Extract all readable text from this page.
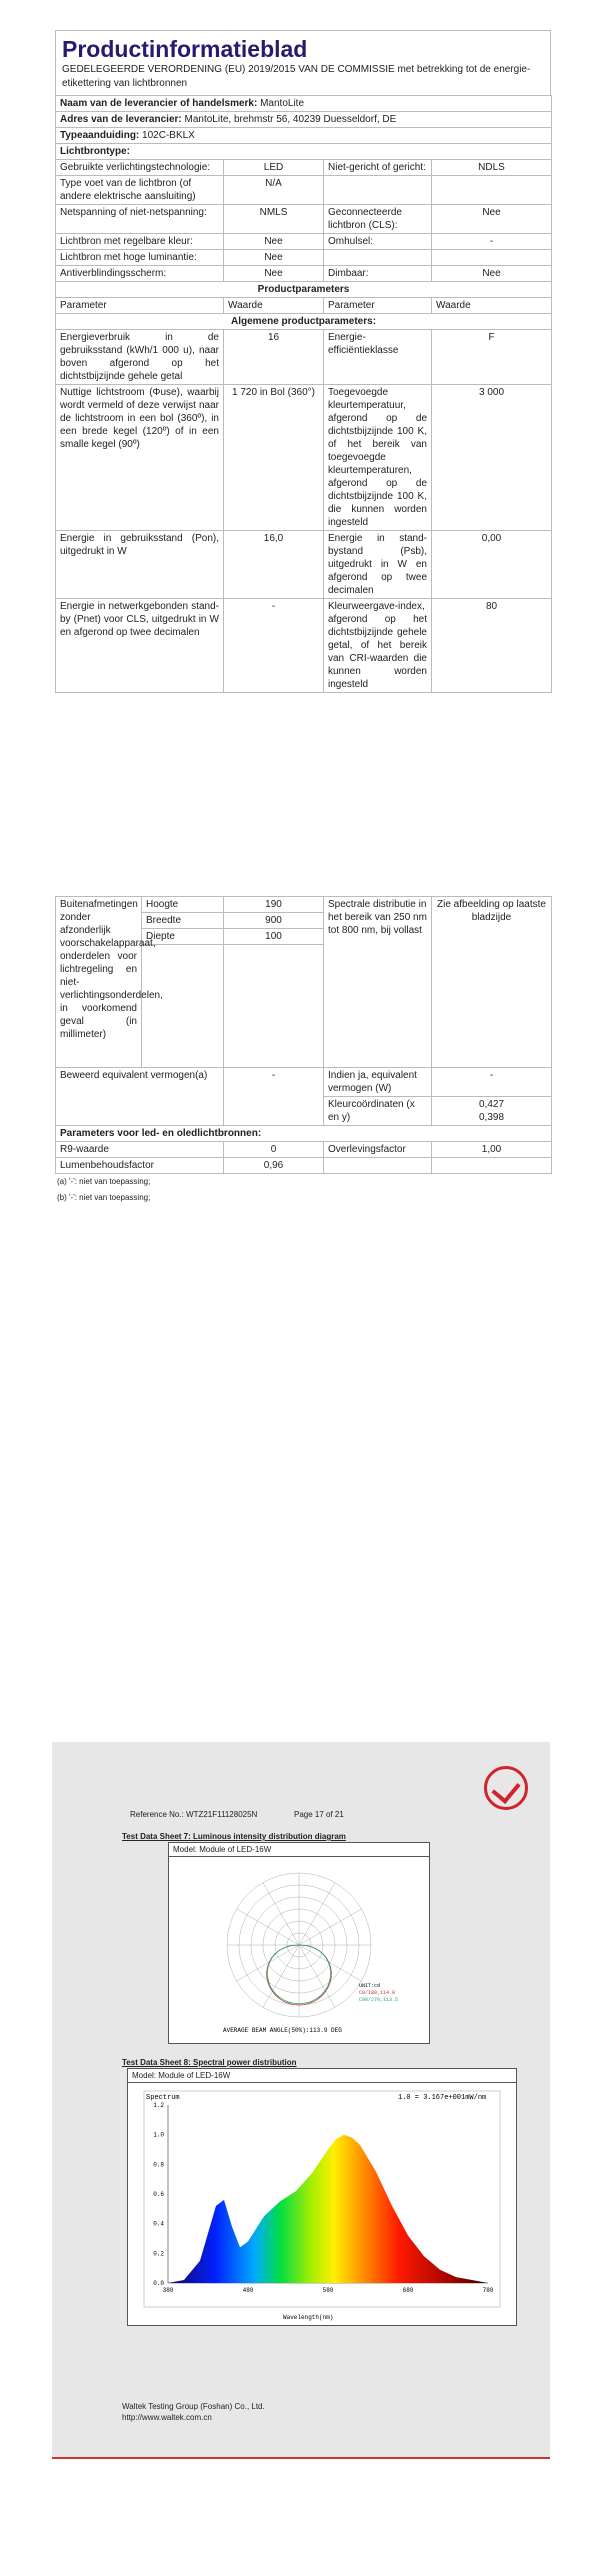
Productinformatieblad
GEDELEGEERDE VERORDENING (EU) 2019/2015 VAN DE COMMISSIE met betrekking tot de energie-etikettering van lichtbronnen
Naam van de leverancier of handelsmerk: MantoLite			
Adres van de leverancier: MantoLite, brehmstr 56, 40239 Duesseldorf, DE			
Typeaanduiding: 102C-BKLX			
Lichtbrontype:			
Gebruikte verlichtingstechnologie:	LED	Niet-gericht of gericht:	NDLS
Type voet van de lichtbron (of andere elektrische aansluiting)	N/A		
Netspanning of niet-netspanning:	NMLS	Geconnecteerde lichtbron (CLS):	Nee
Lichtbron met regelbare kleur:	Nee	Omhulsel:	-
Lichtbron met hoge luminantie:	Nee		
Antiverblindingsscherm:	Nee	Dimbaar:	Nee
Productparameters			
Parameter	Waarde	Parameter	Waarde
Algemene productparameters:			
Energieverbruik in de gebruiksstand (kWh/1 000 u), naar boven afgerond op het dichtstbijzijnde gehele getal	16	Energie-efficiëntieklasse	F
Nuttige lichtstroom (Φuse), waarbij wordt vermeld of deze verwijst naar de lichtstroom in een bol (360º), in een brede kegel (120º) of in een smalle kegel (90º)	1 720 in Bol (360°)	Toegevoegde kleurtemperatuur, afgerond op de dichtstbijzijnde 100 K, of het bereik van toegevoegde kleurtemperaturen, afgerond op de dichtstbijzijnde 100 K, die kunnen worden ingesteld	3 000
Energie in gebruiksstand (Pon), uitgedrukt in W	16,0	Energie in stand-bystand (Psb), uitgedrukt in W en afgerond op twee decimalen	0,00
Energie in netwerkgebonden stand-by (Pnet) voor CLS, uitgedrukt in W en afgerond op twee decimalen	-	Kleurweergave-index, afgerond op het dichtstbijzijnde gehele getal, of het bereik van CRI-waarden die kunnen worden ingesteld	80
Buitenafmetingen zonder afzonderlijk voorschakelapparaat, onderdelen voor lichtregeling en niet-verlichtingsonderdelen, in voorkomend geval (in millimeter)	Hoogte	190	Spectrale distributie in het bereik van 250 nm tot 800 nm, bij vollast	Zie afbeelding op laatste bladzijde
	Breedte	900		
	Diepte	100		

Beweerd equivalent vermogen(a)		-	Indien ja, equivalent vermogen (W)	-
			Kleurcoördinaten (x en y)	0,427
0,398
Parameters voor led- en oledlichtbronnen:				
R9-waarde		0	Overlevingsfactor	1,00
Lumenbehoudsfactor		0,96		
(a) '-': niet van toepassing;
(b) '-': niet van toepassing;
Reference No.: WTZ21F11128025N	Page 17 of 21
Test Data Sheet 7: Luminous intensity distribution diagram
Model: Module of LED-16W
AVERAGE BEAM ANGLE(50%):113.9 DEG
UNIT:cd
C0/180,114.8
C90/270,113.5
Test Data Sheet 8: Spectral power distribution
Model: Module of LED-16W
Spectrum	1.0 = 3.167e+001mW/nm
0.0
0.2
0.4
0.6
0.8
1.0
1.2
380	480	580	680	780
Wavelength(nm)
Waltek Testing Group (Foshan) Co., Ltd.
http://www.waltek.com.cn
